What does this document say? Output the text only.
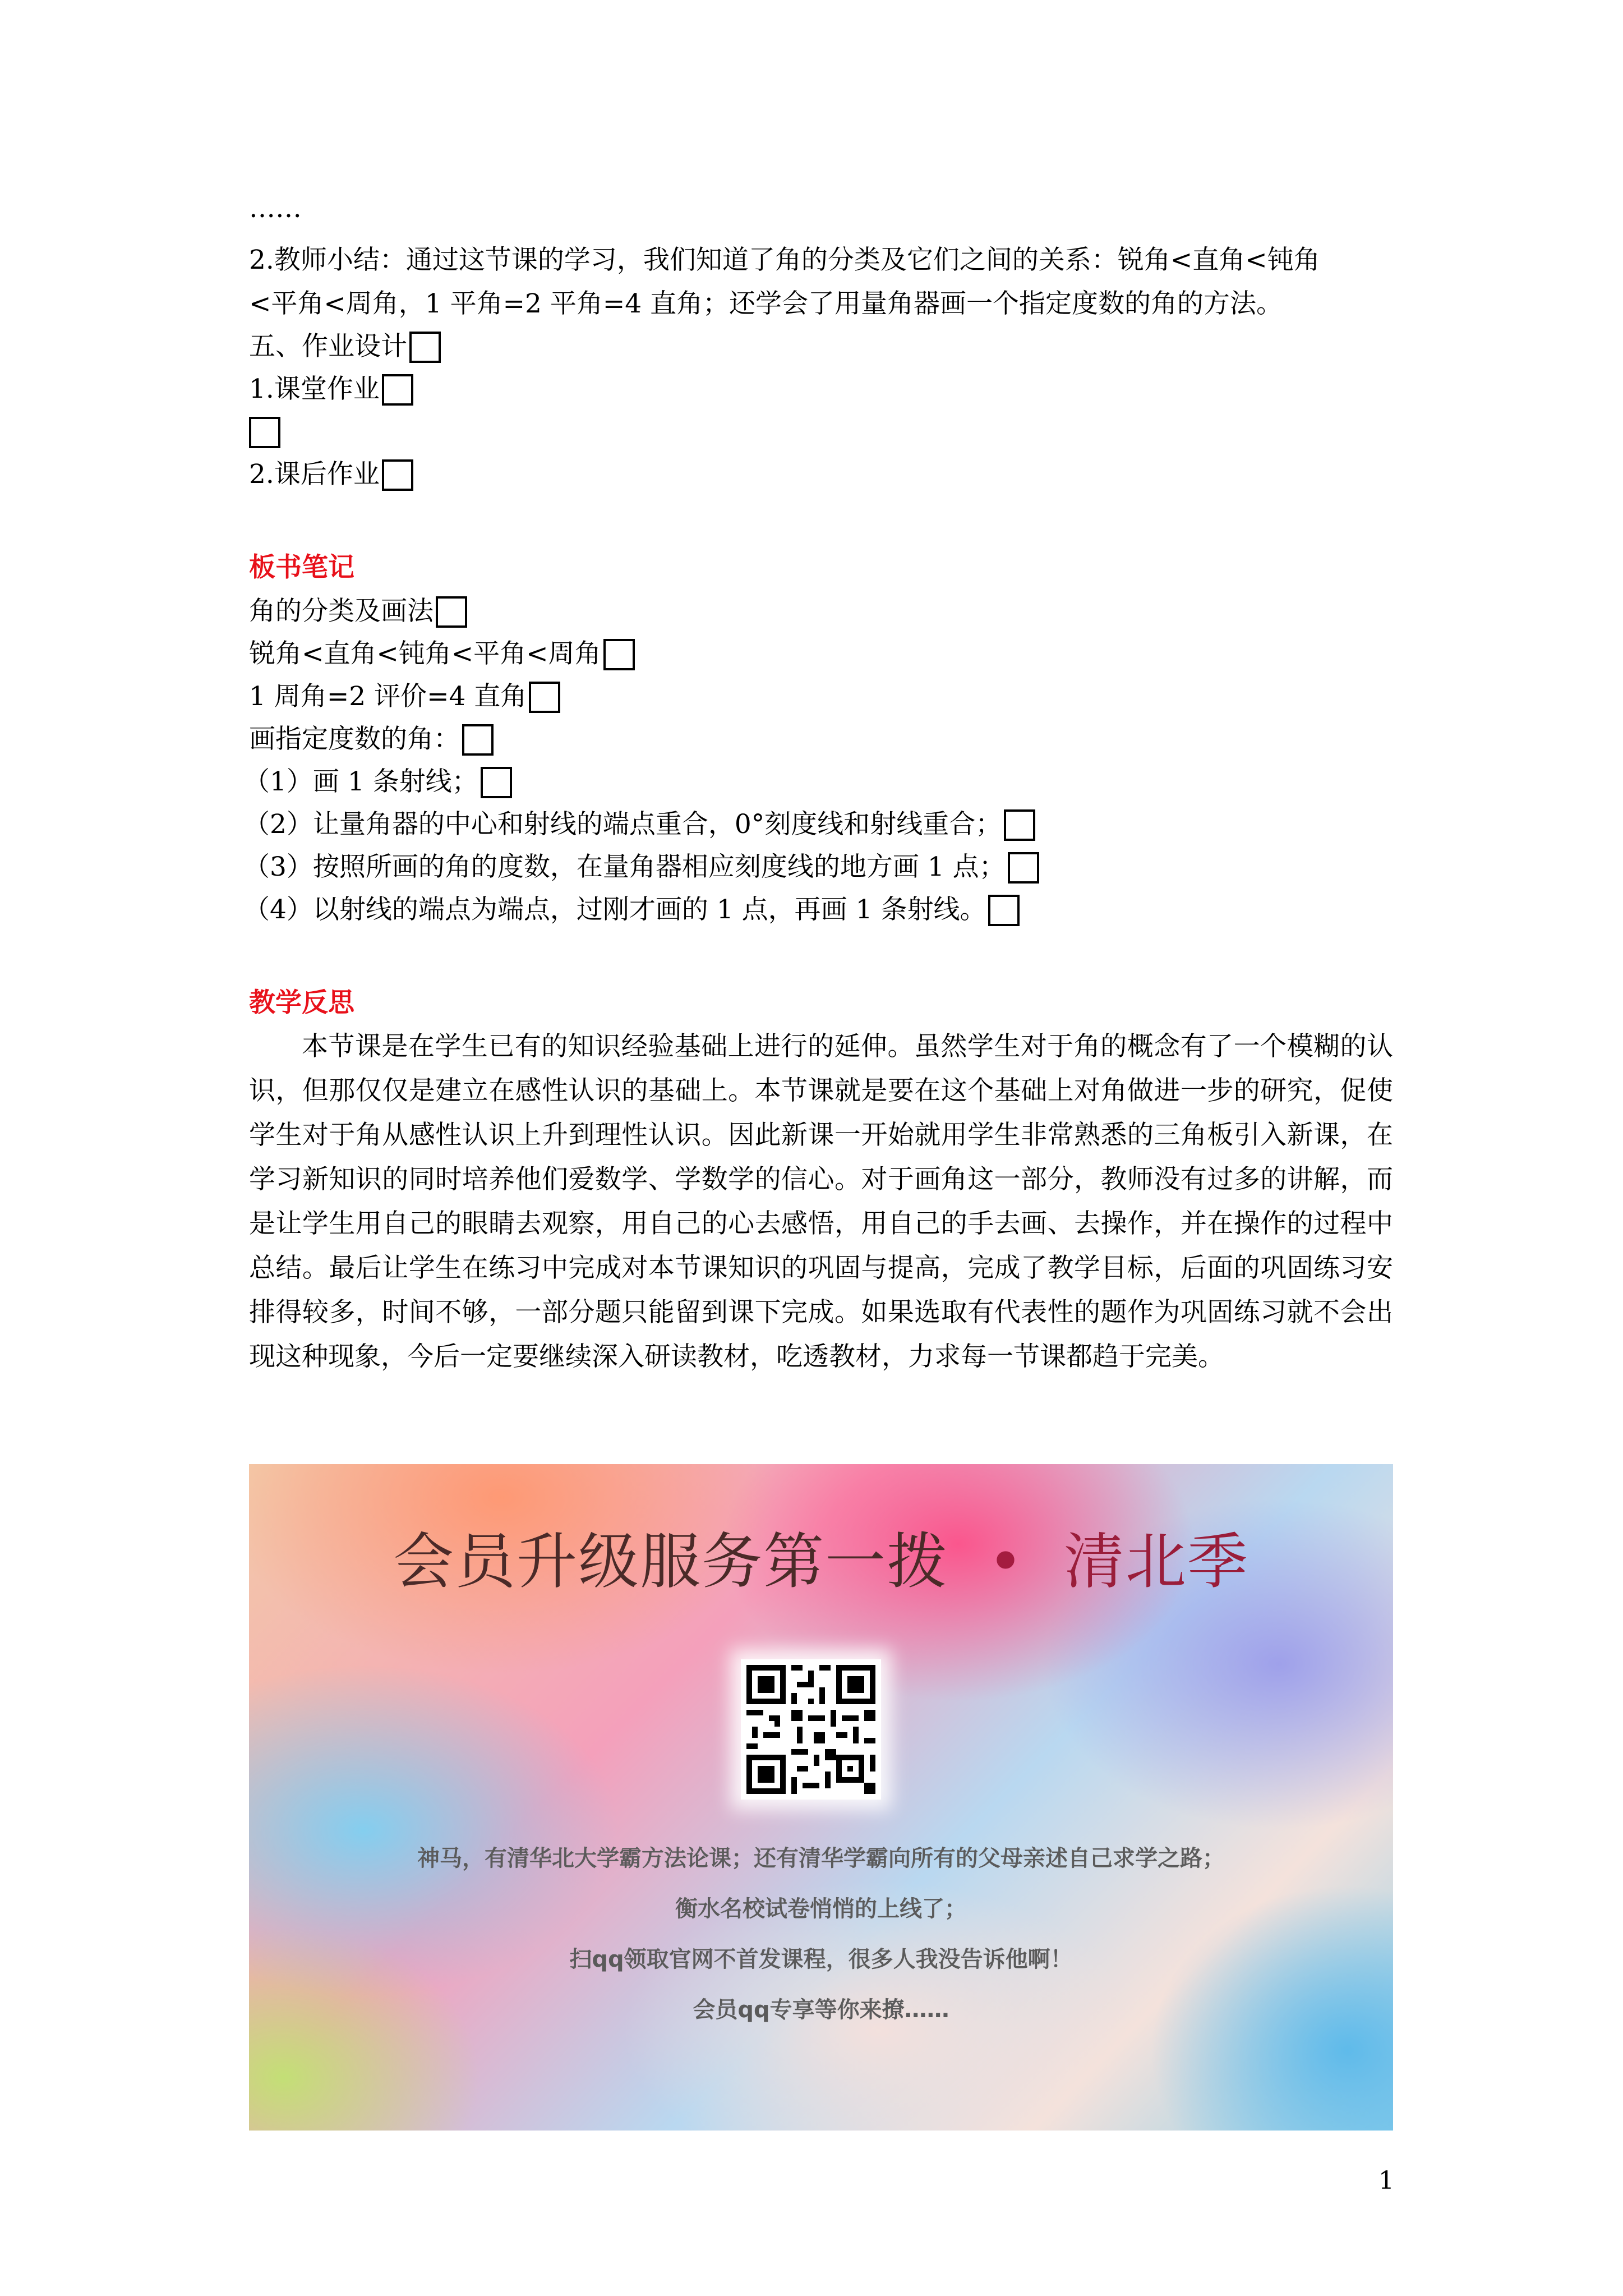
……
2.教师小结：通过这节课的学习，我们知道了角的分类及它们之间的关系：锐角<直角<钝角
<平角<周角，1 平角=2 平角=4 直角；还学会了用量角器画一个指定度数的角的方法。
五、作业设计
1.课堂作业
2.课后作业
板书笔记
角的分类及画法
锐角<直角<钝角<平角<周角
1 周角=2 评价=4 直角
画指定度数的角：
（1）画 1 条射线；
（2）让量角器的中心和射线的端点重合，0°刻度线和射线重合；
（3）按照所画的角的度数，在量角器相应刻度线的地方画 1 点；
（4）以射线的端点为端点，过刚才画的 1 点，再画 1 条射线。
教学反思
本节课是在学生已有的知识经验基础上进行的延伸。虽然学生对于角的概念有了一个模糊的认识，但那仅仅是建立在感性认识的基础上。本节课就是要在这个基础上对角做进一步的研究，促使学生对于角从感性认识上升到理性认识。因此新课一开始就用学生非常熟悉的三角板引入新课，在学习新知识的同时培养他们爱数学、学数学的信心。对于画角这一部分，教师没有过多的讲解，而是让学生用自己的眼睛去观察，用自己的心去感悟，用自己的手去画、去操作，并在操作的过程中总结。最后让学生在练习中完成对本节课知识的巩固与提高，完成了教学目标，后面的巩固练习安排得较多，时间不够，一部分题只能留到课下完成。如果选取有代表性的题作为巩固练习就不会出现这种现象，今后一定要继续深入研读教材，吃透教材，力求每一节课都趋于完美。
会员升级服务第一拨 • 清北季
神马，有清华北大学霸方法论课；还有清华学霸向所有的父母亲述自己求学之路；
衡水名校试卷悄悄的上线了；
扫qq领取官网不首发课程，很多人我没告诉他啊！
会员qq专享等你来撩……
1
